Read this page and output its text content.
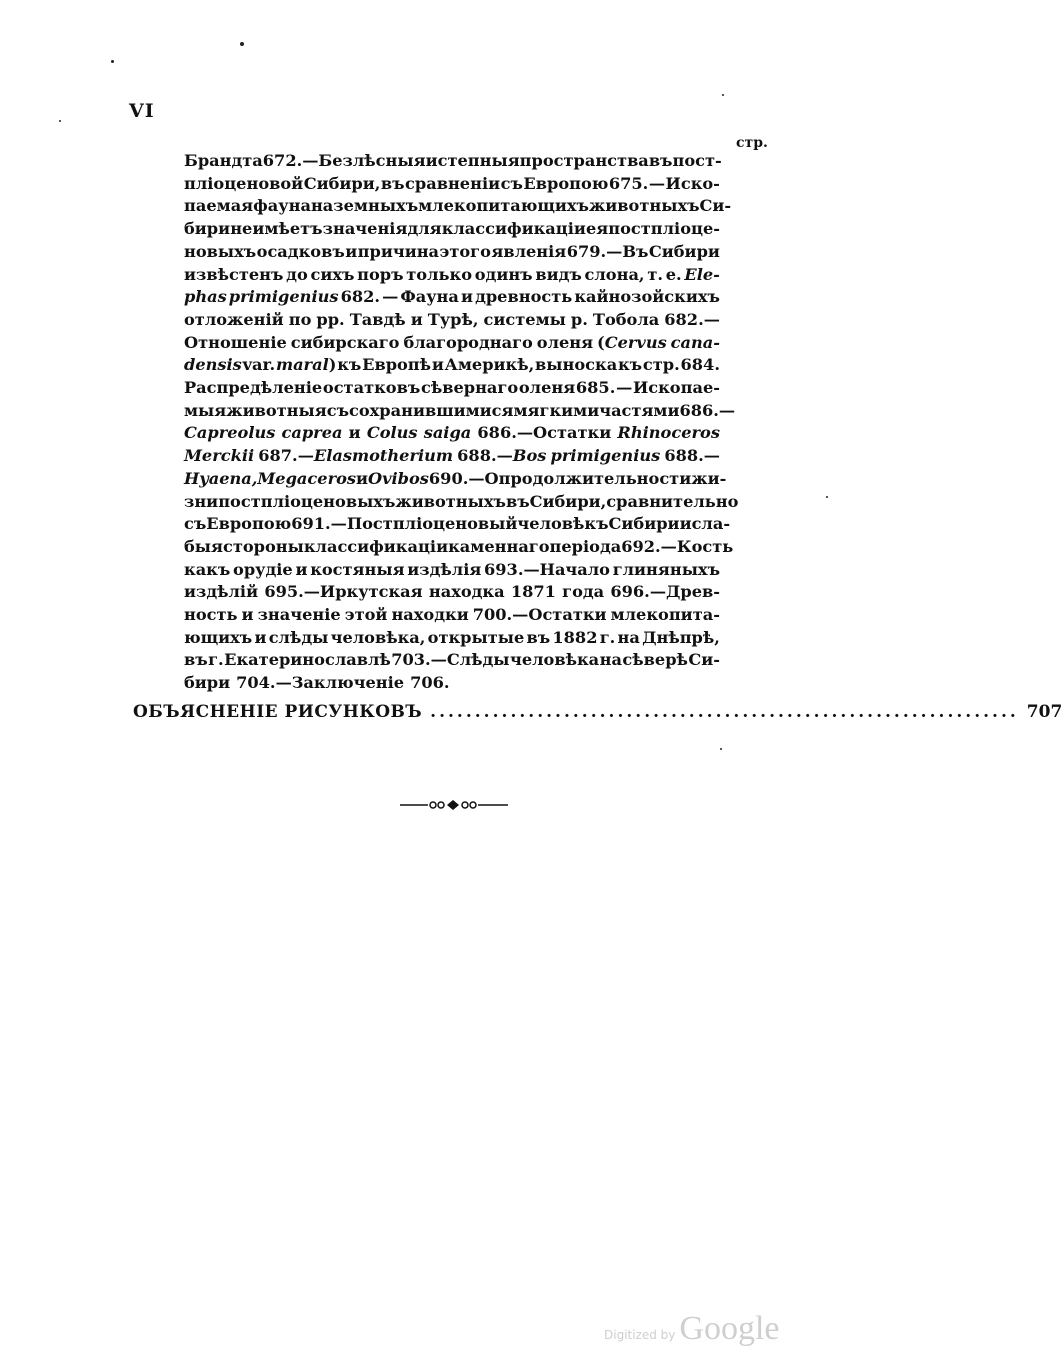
VI
стр.
Брандта 672. — Безлѣсныя и степныя пространства въ пост-
пліоценовой Сибири, въ сравненіи съ Европою 675. — Иско-
паемая фауна наземныхъ млекопитающихъ животныхъ Си-
бири не имѣетъ значенія для классификаціи ея постпліоце-
новыхъ осадковъ и причина этого явленія 679.—Въ Сибири
извѣстенъ до сихъ поръ только одинъ видъ слона, т. е. Ele-
phas primigenius 682. — Фауна и древность кайнозойскихъ
отложеній по рр. Тавдѣ и Турѣ, системы р. Тобола 682.—
Отношеніе сибирскаго благороднаго оленя (Cervus cana-
densis var. maral) къ Европѣ и Америкѣ, выноска къ стр. 684.
Распредѣленіе остатковъ сѣвернаго оленя 685. — Ископае-
мыя животныя съ сохранившимися мягкими частями 686.—
Capreolus caprea и Colus saiga 686.—Остатки Rhinoceros
Merckii 687.—Elasmotherium 688.—Bos primigenius 688.—
Hyaena, Megaceros и Ovibos 690.—О продолжительности жи-
зни постпліоценовыхъ животныхъ въ Сибири, сравнительно
съ Европою 691.—Постпліоценовый человѣкъ Сибири и сла-
быя стороны классификаціи каменнаго періода 692.—Кость
какъ орудіе и костяныя издѣлія 693.—Начало глиняныхъ
издѣлій 695.—Иркутская находка 1871 года 696.—Древ-
ность и значеніе этой находки 700.—Остатки млекопита-
ющихъ и слѣды человѣка, открытые въ 1882 г. на Днѣпрѣ,
въ г. Екатеринославлѣ 703.—Слѣды человѣка на сѣверѣ Си-
бири 704.—Заключеніе 706.
ОБЪЯСНЕНІЕ РИСУНКОВЪ .................................................................. 707
Digitized by Google
